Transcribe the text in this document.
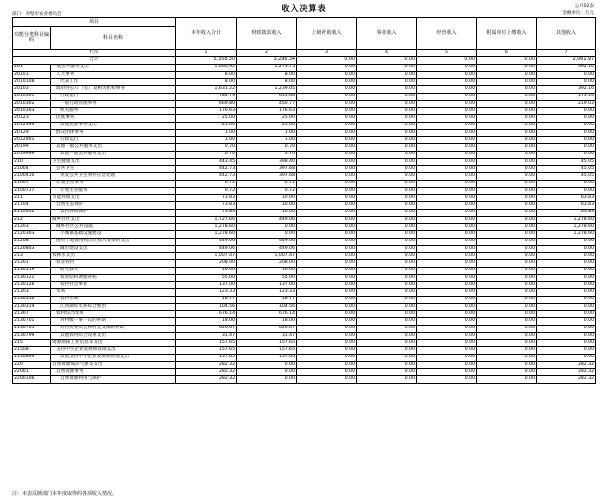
收入决算表	公开02表
金额单位：万元
部门：赤壁市农业委员会
项目		本年收入合计	财政拨款收入	上级补助收入	事业收入	经营收入	附属单位上缴收入	其他收入
功能分类科目编码	科目名称							
栏次		1	2	3	4	5	6	7
合计		5,358.30	3,296.34	0.00	0.00	0.00	0.00	2,061.97
201	一般公共服务支出	1,665.92	1,273.75	0.00	0.00	0.00	0.00	392.16
20101	人大事务	8.00	8.00	0.00	0.00	0.00	0.00	0.00
2010108	代表工作	8.00	8.00	0.00	0.00	0.00	0.00	0.00
20103	政府办公厅（室）及相关机构事务	1,631.22	1,239.05	0.00	0.00	0.00	0.00	392.16
2010301	行政运行	784.79	611.66	0.00	0.00	0.00	0.00	173.14
2010302	一般行政管理事务	669.80	450.77	0.00	0.00	0.00	0.00	219.03
2010303	机关服务	176.63	176.63	0.00	0.00	0.00	0.00	0.00
20123	民族事务	25.00	25.00	0.00	0.00	0.00	0.00	0.00
2012399	其他民族事务支出	25.00	25.00	0.00	0.00	0.00	0.00	0.00
20129	群众团体事务	1.00	1.00	0.00	0.00	0.00	0.00	0.00
2012901	行政运行	1.00	1.00	0.00	0.00	0.00	0.00	0.00
20199	其他一般公共服务支出	0.70	0.70	0.00	0.00	0.00	0.00	0.00
2019999	其他一般公共服务支出	0.70	0.70	0.00	0.00	0.00	0.00	0.00
210	卫生健康支出	443.45	398.40	0.00	0.00	0.00	0.00	45.05
21004	公共卫生	442.73	397.68	0.00	0.00	0.00	0.00	45.05
2100410	突发公共卫生事件应急处理	442.73	397.68	0.00	0.00	0.00	0.00	45.05
21007	计划生育事务	0.72	0.72	0.00	0.00	0.00	0.00	0.00
2100717	计划生育服务	0.72	0.72	0.00	0.00	0.00	0.00	0.00
211	节能环保支出	73.83	10.00	0.00	0.00	0.00	0.00	63.83
21104	自然生态保护	73.83	10.00	0.00	0.00	0.00	0.00	63.83
2110402	农村环境保护	73.83	10.00	0.00	0.00	0.00	0.00	63.83
212	城乡社区支出	1,727.66	449.06	0.00	0.00	0.00	0.00	1,278.60
21203	城乡社区公共设施	1,278.60	0.00	0.00	0.00	0.00	0.00	1,278.60
2120303	小城镇基础设施建设	1,278.60	0.00	0.00	0.00	0.00	0.00	1,278.60
21208	国有土地使用权出让收入安排的支出	449.06	449.06	0.00	0.00	0.00	0.00	0.00
2120803	城市建设支出	449.06	449.06	0.00	0.00	0.00	0.00	0.00
213	农林水支出	1,007.47	1,007.47	0.00	0.00	0.00	0.00	0.00
21301	农业农村	208.00	208.00	0.00	0.00	0.00	0.00	0.00
2130119	防灾救灾	16.00	16.00	0.00	0.00	0.00	0.00	0.00
2130121	农业结构调整补贴	55.00	55.00	0.00	0.00	0.00	0.00	0.00
2130126	农村社会事业	137.00	137.00	0.00	0.00	0.00	0.00	0.00
21303	水利	123.33	123.33	0.00	0.00	0.00	0.00	0.00
2130316	农村水利	18.77	18.77	0.00	0.00	0.00	0.00	0.00
2130319	江河湖库水系综合整治	104.56	104.56	0.00	0.00	0.00	0.00	0.00
21307	农村综合改革	676.14	676.14	0.00	0.00	0.00	0.00	0.00
2130701	对村级一事一议的补助	18.00	18.00	0.00	0.00	0.00	0.00	0.00
2130705	对村民委员会和村党支部的补助	626.67	626.67	0.00	0.00	0.00	0.00	0.00
2130799	其他农村综合改革支出	31.47	31.47	0.00	0.00	0.00	0.00	0.00
215	资源勘探工业信息等支出	157.65	157.65	0.00	0.00	0.00	0.00	0.00
21508	支持中小企业发展和管理支出	157.65	157.65	0.00	0.00	0.00	0.00	0.00
2150899	其他支持中小企业发展和管理支出	157.65	157.65	0.00	0.00	0.00	0.00	0.00
220	自然资源海洋气象等支出	282.32	0.00	0.00	0.00	0.00	0.00	282.32
22001	自然资源事务	282.32	0.00	0.00	0.00	0.00	0.00	282.32
2200106	自然资源利用与保护	282.32	0.00	0.00	0.00	0.00	0.00	282.32
注：本表反映部门本年度取得的各项收入情况。
